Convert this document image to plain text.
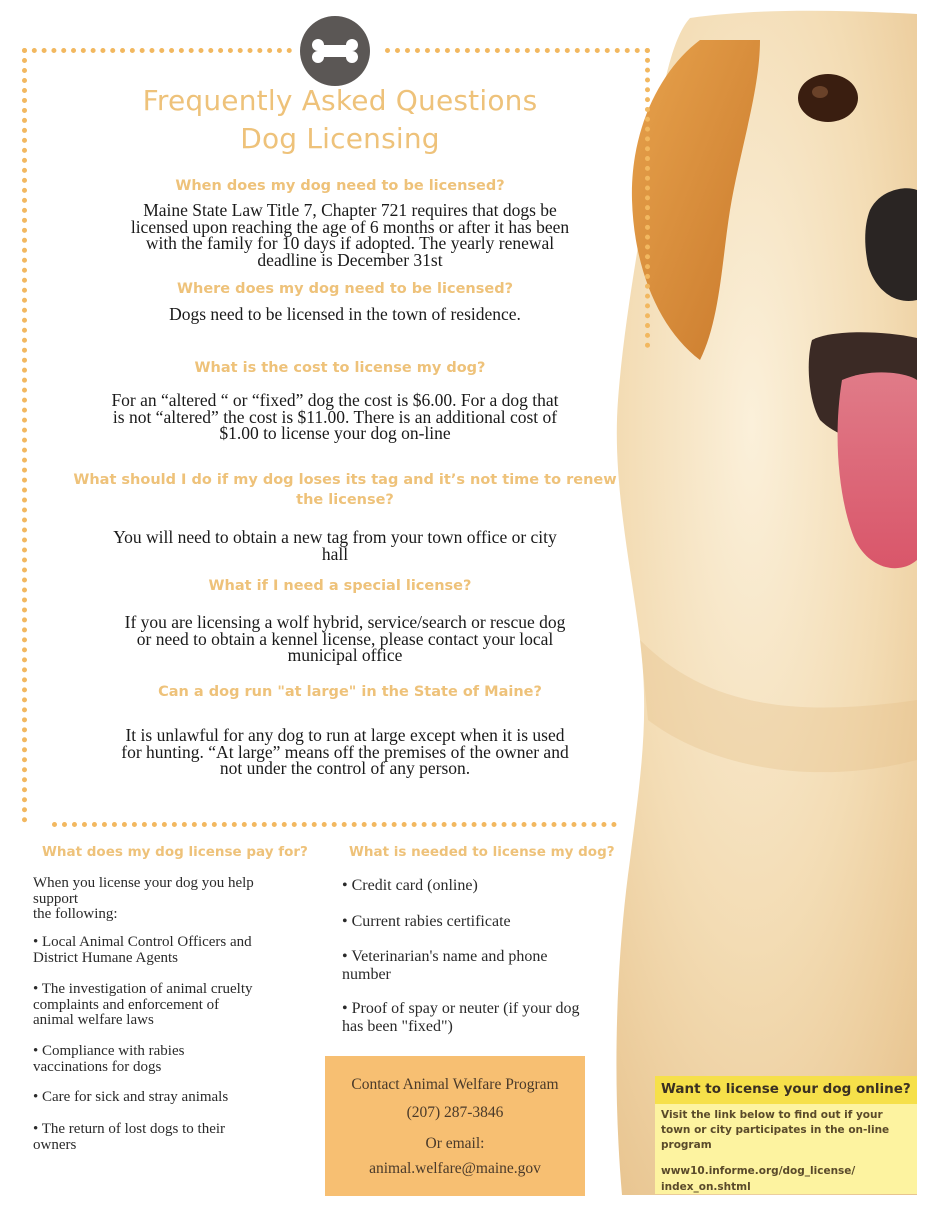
Frequently Asked Questions
Dog Licensing
When does my dog need to be licensed?
Maine State Law Title 7, Chapter 721 requires that dogs be
licensed upon reaching the age of 6 months or after it has been
with the family for 10 days if adopted. The yearly renewal
deadline is December 31st
Where does my dog need to be licensed?
Dogs need to be licensed in the town of residence.
What is the cost to license my dog?
For an “altered “ or “fixed” dog the cost is $6.00. For a dog that
is not “altered” the cost is $11.00. There is an additional cost of
$1.00 to license your dog on-line
What should I do if my dog loses its tag and it’s not time to renew
the license?
You will need to obtain a new tag from your town office or city
hall
What if I need a special license?
If you are licensing a wolf hybrid, service/search or rescue dog
or need to obtain a kennel license, please contact your local
municipal office
Can a dog run "at large" in the State of Maine?
It is unlawful for any dog to run at large except when it is used
for hunting. “At large” means off the premises of the owner and
not under the control of any person.
What does my dog license pay for?
When you license your dog you help
support
the following:
• Local Animal Control Officers and
District Humane Agents
• The investigation of animal cruelty
complaints and enforcement of
animal welfare laws
• Compliance with rabies
vaccinations for dogs
• Care for sick and stray animals
• The return of lost dogs to their
owners
What is needed to license my dog?
• Credit card (online)
• Current rabies certificate
• Veterinarian's name and phone
number
• Proof of spay or neuter (if your dog
has been "fixed")
Contact Animal Welfare Program
(207) 287-3846
Or email:
animal.welfare@maine.gov
Want to license your dog online?
Visit the link below to find out if your
town or city participates in the on-line
program
www10.informe.org/dog_license/
index_on.shtml
